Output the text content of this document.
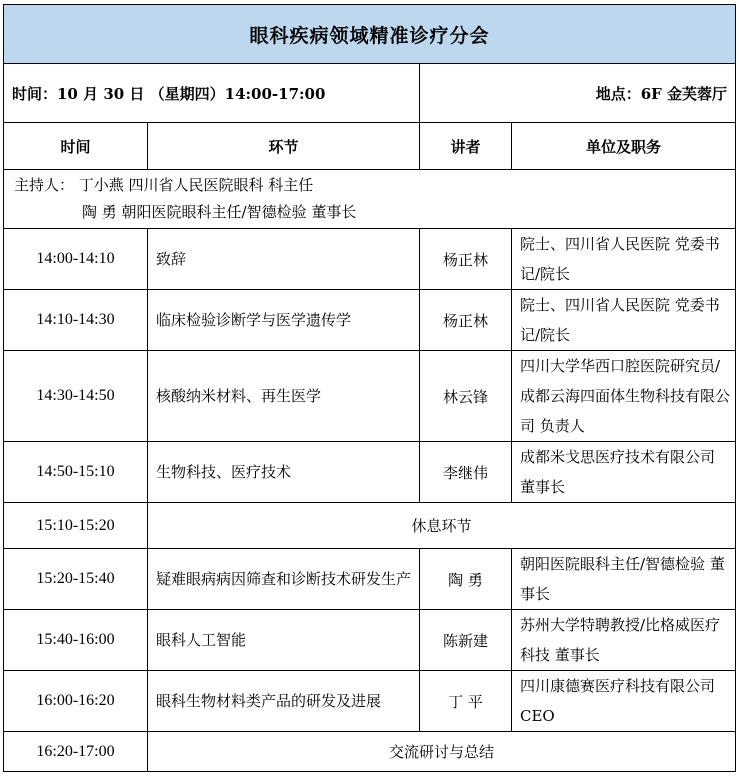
眼科疾病领域精准诊疗分会			
时间：10 月 30 日 （星期四）14:00-17:00		地点：6F 金芙蓉厅	
时间	环节	讲者	单位及职务

主持人： 丁小燕 四川省人民医院眼科 科主任
陶 勇 朝阳医院眼科主任/智德检验 董事长			

14:00-14:10	致辞	杨正林	院士、四川省人民医院 党委书记/院长
14:10-14:30	临床检验诊断学与医学遗传学	杨正林	院士、四川省人民医院 党委书记/院长
14:30-14:50	核酸纳米材料、再生医学	林云锋	四川大学华西口腔医院研究员/成都云海四面体生物科技有限公司 负责人
14:50-15:10	生物科技、医疗技术	李继伟	成都米戈思医疗技术有限公司 董事长
15:10-15:20	休息环节		
15:20-15:40	疑难眼病病因筛查和诊断技术研发生产	陶 勇	朝阳医院眼科主任/智德检验 董事长
15:40-16:00	眼科人工智能	陈新建	苏州大学特聘教授/比格威医疗科技 董事长
16:00-16:20	眼科生物材料类产品的研发及进展	丁 平	四川康德赛医疗科技有限公司 CEO
16:20-17:00	交流研讨与总结		
